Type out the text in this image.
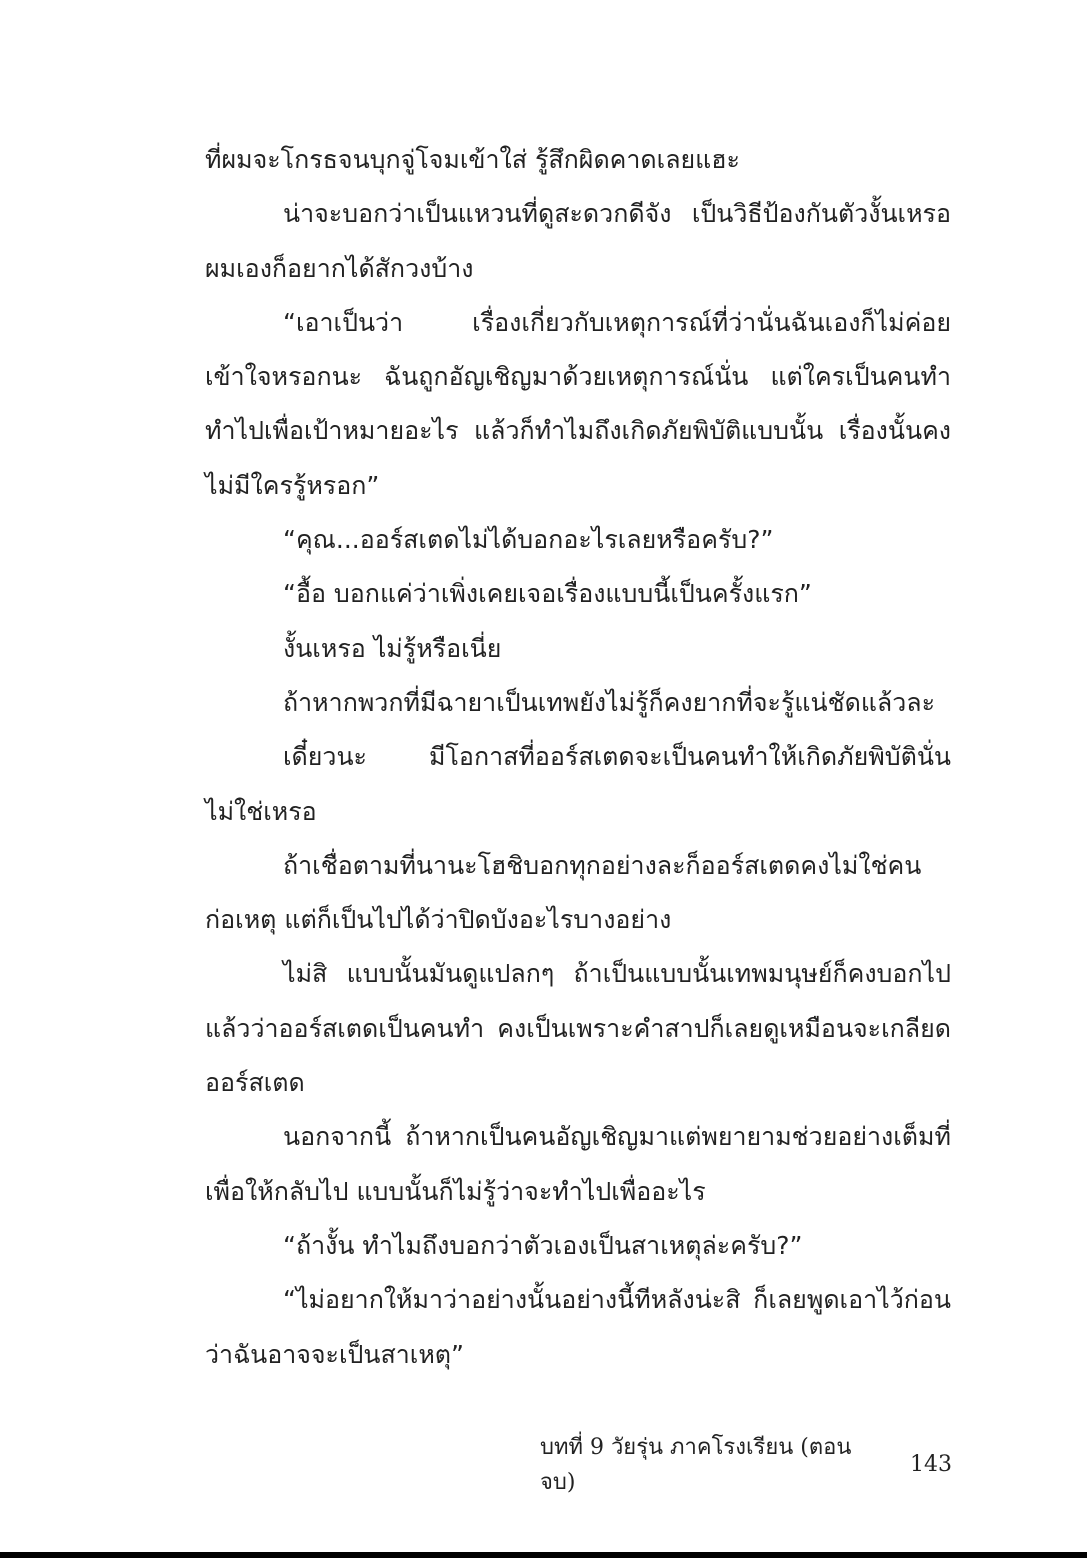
ที่ผมจะโกรธจนบุกจู่โจมเข้าใส่ รู้สึกผิดคาดเลยแฮะ

น่าจะบอกว่าเป็นแหวนที่ดูสะดวกดีจัง เป็นวิธีป้องกันตัวงั้นเหรอ ผมเองก็อยากได้สักวงบ้าง

“เอาเป็นว่า เรื่องเกี่ยวกับเหตุการณ์ที่ว่านั่นฉันเองก็ไม่ค่อยเข้าใจหรอกนะ ฉันถูกอัญเชิญมาด้วยเหตุการณ์นั่น แต่ใครเป็นคนทำ ทำไปเพื่อเป้าหมายอะไร แล้วก็ทำไมถึงเกิดภัยพิบัติแบบนั้น เรื่องนั้นคงไม่มีใครรู้หรอก”

“คุณ...ออร์สเตดไม่ได้บอกอะไรเลยหรือครับ?”

“อื้อ บอกแค่ว่าเพิ่งเคยเจอเรื่องแบบนี้เป็นครั้งแรก”

งั้นเหรอ ไม่รู้หรือเนี่ย

ถ้าหากพวกที่มีฉายาเป็นเทพยังไม่รู้ก็คงยากที่จะรู้แน่ชัดแล้วละ

เดี๋ยวนะ มีโอกาสที่ออร์สเตดจะเป็นคนทำให้เกิดภัยพิบัตินั่นไม่ใช่เหรอ

ถ้าเชื่อตามที่นานะโฮชิบอกทุกอย่างละก็ออร์สเตดคงไม่ใช่คนก่อเหตุ แต่ก็เป็นไปได้ว่าปิดบังอะไรบางอย่าง

ไม่สิ แบบนั้นมันดูแปลกๆ ถ้าเป็นแบบนั้นเทพมนุษย์ก็คงบอกไปแล้วว่าออร์สเตดเป็นคนทำ คงเป็นเพราะคำสาปก็เลยดูเหมือนจะเกลียดออร์สเตด

นอกจากนี้ ถ้าหากเป็นคนอัญเชิญมาแต่พยายามช่วยอย่างเต็มที่เพื่อให้กลับไป แบบนั้นก็ไม่รู้ว่าจะทำไปเพื่ออะไร

“ถ้างั้น ทำไมถึงบอกว่าตัวเองเป็นสาเหตุล่ะครับ?”

“ไม่อยากให้มาว่าอย่างนั้นอย่างนี้ทีหลังน่ะสิ ก็เลยพูดเอาไว้ก่อนว่าฉันอาจจะเป็นสาเหตุ”

บทที่ 9 วัยรุ่น ภาคโรงเรียน (ตอนจบ)
143
